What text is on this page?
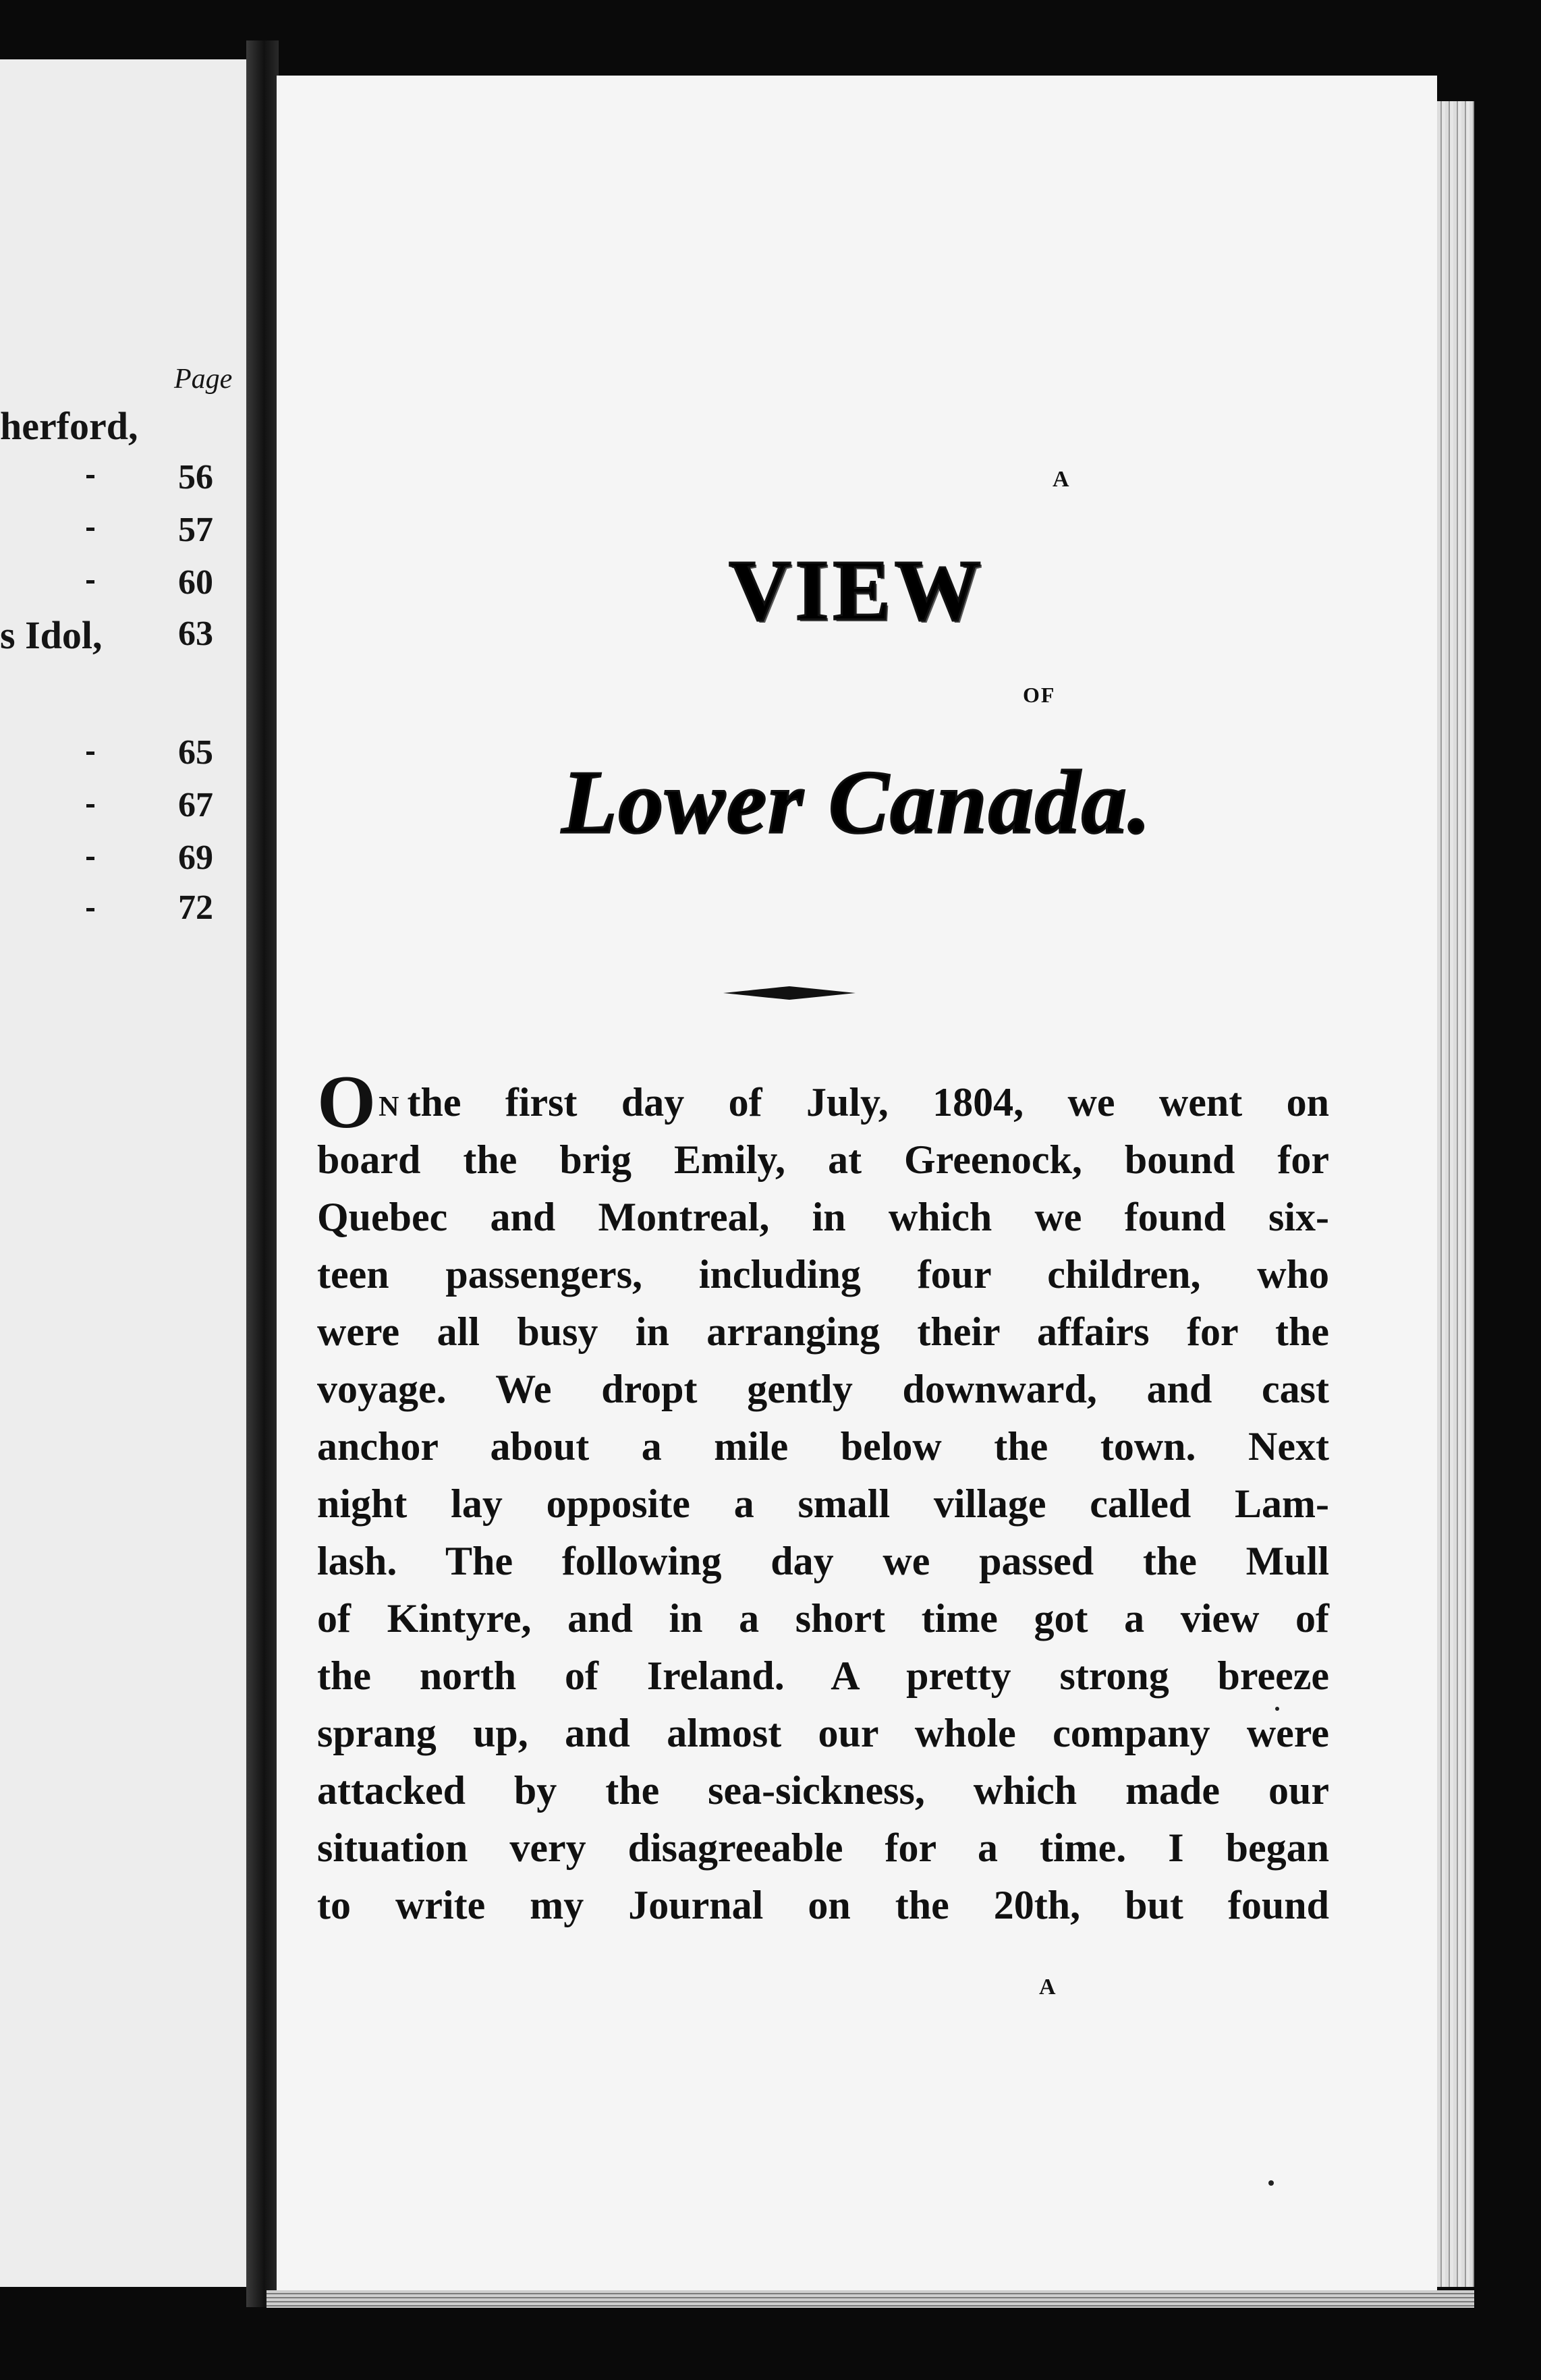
Page
herford,
s Idol,
56
57
60
63
65
67
69
72
A
VIEW
OF
Lower Canada.
ON the first day of July, 1804, we went on
board the brig Emily, at Greenock, bound for
Quebec and Montreal, in which we found six-
teen passengers, including four children, who
were all busy in arranging their affairs for the
voyage. We dropt gently downward, and cast
anchor about a mile below the town. Next
night lay opposite a small village called Lam-
lash. The following day we passed the Mull
of Kintyre, and in a short time got a view of
the north of Ireland. A pretty strong breeze
sprang up, and almost our whole company were
attacked by the sea-sickness, which made our
situation very disagreeable for a time. I began
to write my Journal on the 20th, but found
A
